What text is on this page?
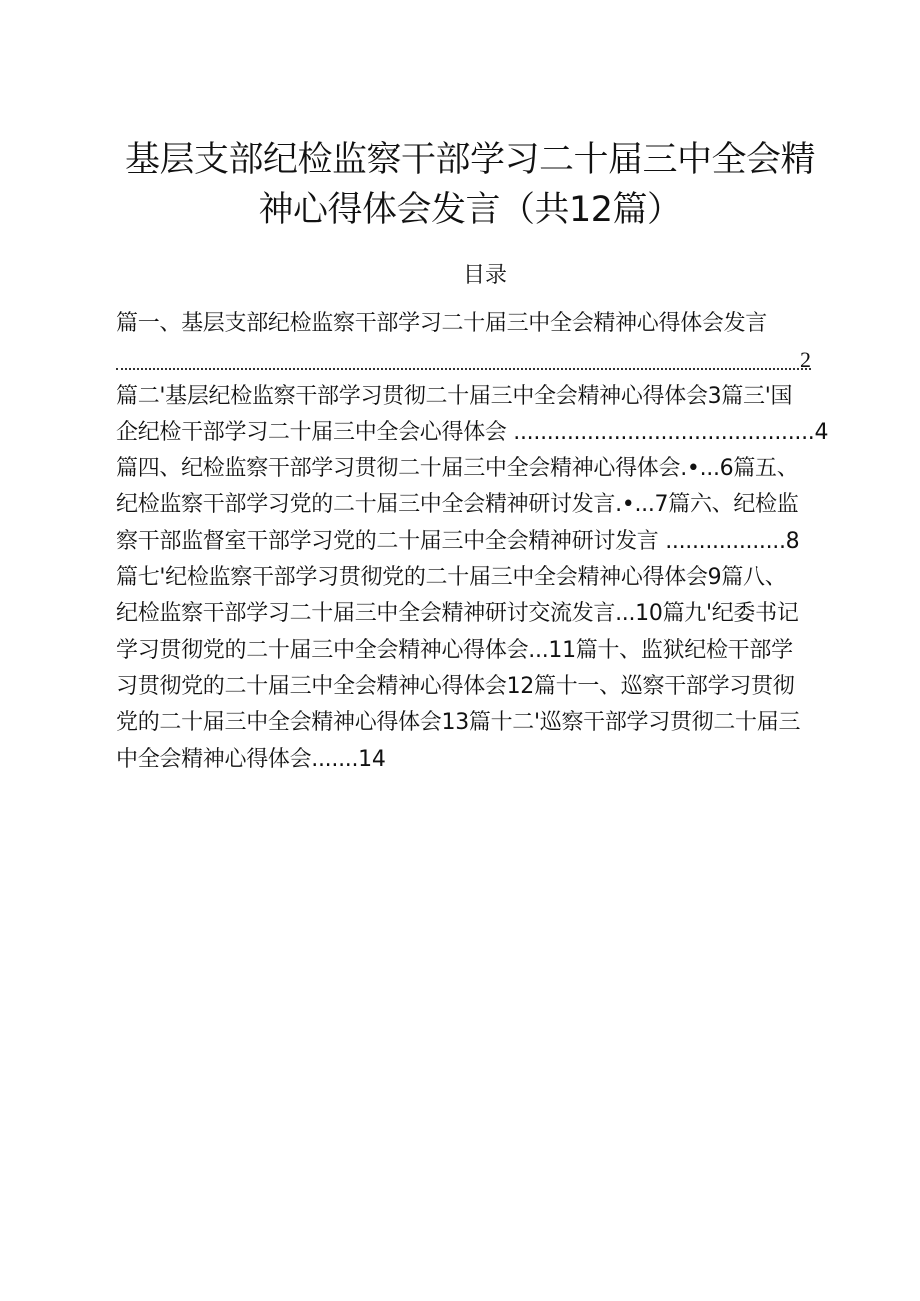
基层支部纪检监察干部学习二十届三中全会精
神心得体会发言（共12篇）
目录
篇一、基层支部纪检监察干部学习二十届三中全会精神心得体会发言
2
篇二'基层纪检监察干部学习贯彻二十届三中全会精神心得体会3篇三'国
企纪检干部学习二十届三中全会心得体会 .............................................4
篇四、纪检监察干部学习贯彻二十届三中全会精神心得体会.•...6篇五、
纪检监察干部学习党的二十届三中全会精神研讨发言.•...7篇六、纪检监
察干部监督室干部学习党的二十届三中全会精神研讨发言 ..................8
篇七'纪检监察干部学习贯彻党的二十届三中全会精神心得体会9篇八、
纪检监察干部学习二十届三中全会精神研讨交流发言...10篇九'纪委书记
学习贯彻党的二十届三中全会精神心得体会...11篇十、监狱纪检干部学
习贯彻党的二十届三中全会精神心得体会12篇十一、巡察干部学习贯彻
党的二十届三中全会精神心得体会13篇十二'巡察干部学习贯彻二十届三
中全会精神心得体会.......14
